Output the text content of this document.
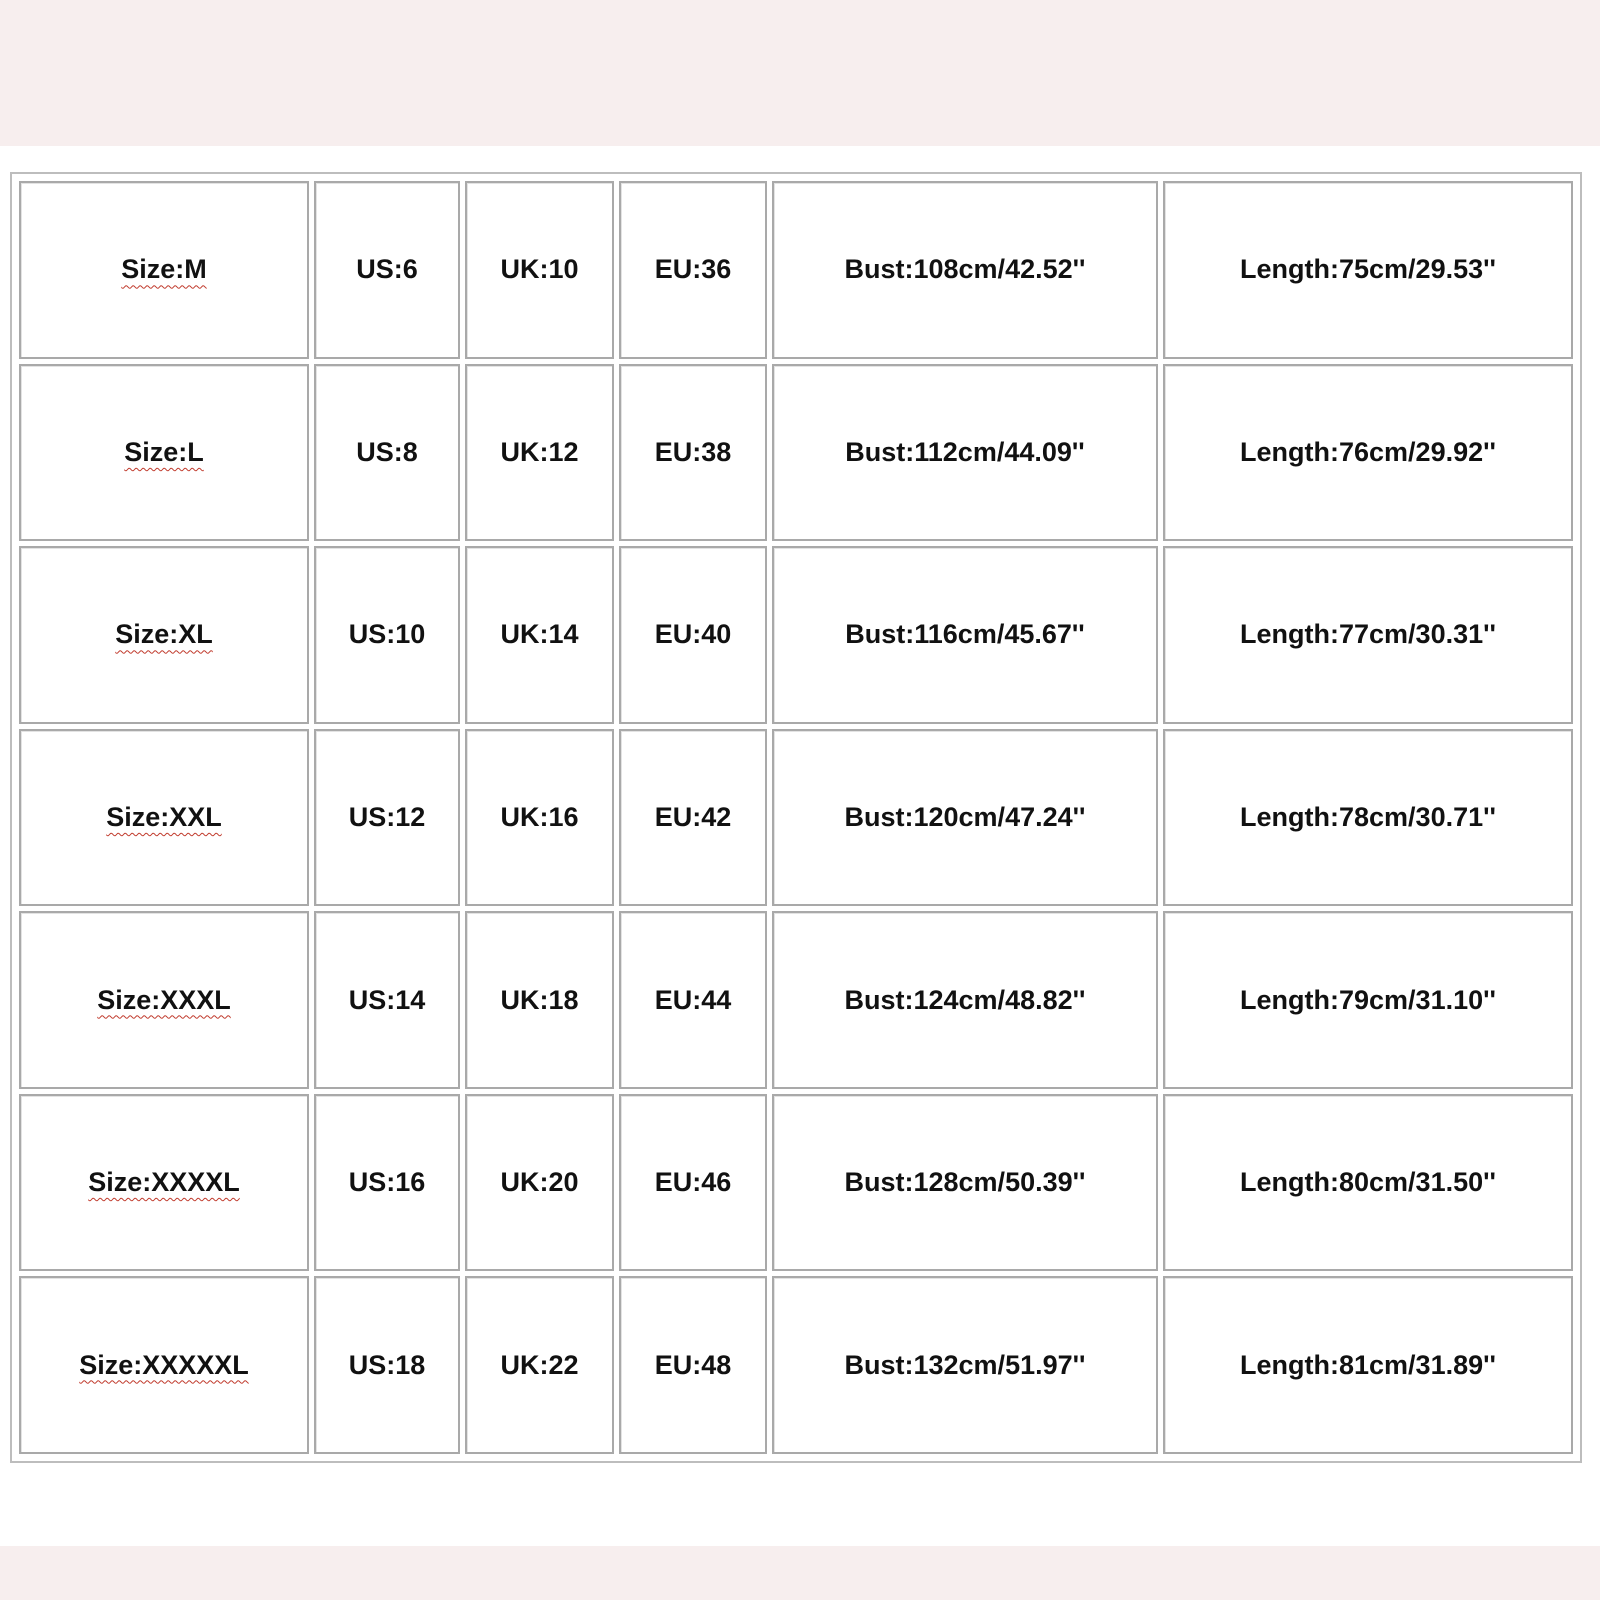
Size:M	US:6	UK:10	EU:36	Bust:108cm/42.52''	Length:75cm/29.53''
Size:L	US:8	UK:12	EU:38	Bust:112cm/44.09''	Length:76cm/29.92''
Size:XL	US:10	UK:14	EU:40	Bust:116cm/45.67''	Length:77cm/30.31''
Size:XXL	US:12	UK:16	EU:42	Bust:120cm/47.24''	Length:78cm/30.71''
Size:XXXL	US:14	UK:18	EU:44	Bust:124cm/48.82''	Length:79cm/31.10''
Size:XXXXL	US:16	UK:20	EU:46	Bust:128cm/50.39''	Length:80cm/31.50''
Size:XXXXXL	US:18	UK:22	EU:48	Bust:132cm/51.97''	Length:81cm/31.89''
